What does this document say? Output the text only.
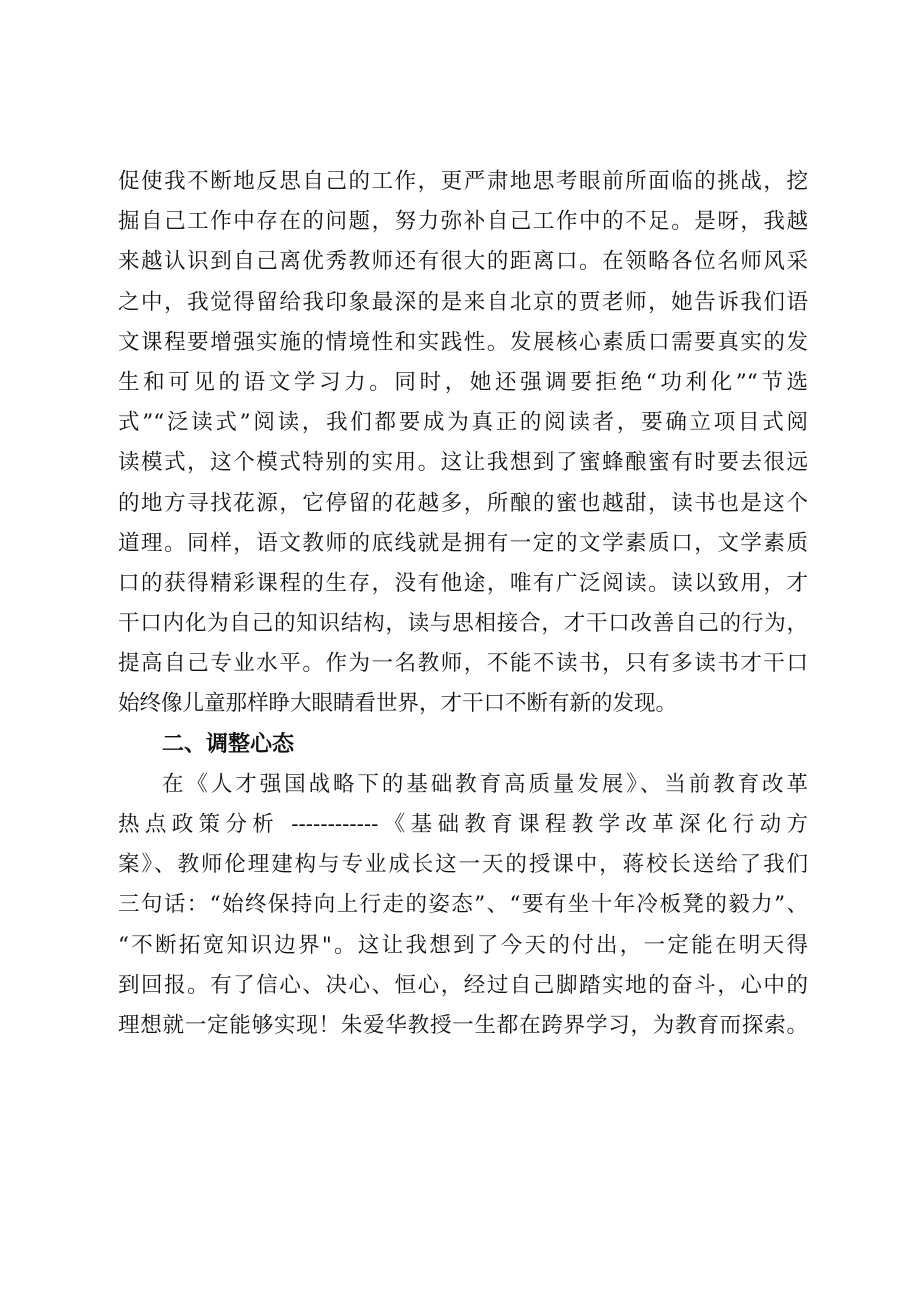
促使我不断地反思自己的工作，更严肃地思考眼前所面临的挑战，挖
掘自己工作中存在的问题，努力弥补自己工作中的不足。是呀，我越
来越认识到自己离优秀教师还有很大的距离口。在领略各位名师风采
之中，我觉得留给我印象最深的是来自北京的贾老师，她告诉我们语
文课程要增强实施的情境性和实践性。发展核心素质口需要真实的发
生和可见的语文学习力。同时，她还强调要拒绝“功利化”“节选
式”“泛读式”阅读，我们都要成为真正的阅读者，要确立项目式阅
读模式，这个模式特别的实用。这让我想到了蜜蜂酿蜜有时要去很远
的地方寻找花源，它停留的花越多，所酿的蜜也越甜，读书也是这个
道理。同样，语文教师的底线就是拥有一定的文学素质口，文学素质
口的获得精彩课程的生存，没有他途，唯有广泛阅读。读以致用，才
干口内化为自己的知识结构，读与思相接合，才干口改善自己的行为，
提高自己专业水平。作为一名教师，不能不读书，只有多读书才干口
始终像儿童那样睁大眼睛看世界，才干口不断有新的发现。
二、调整心态
在《人才强国战略下的基础教育高质量发展》、当前教育改革
热点政策分析 ------------《基础教育课程教学改革深化行动方
案》、教师伦理建构与专业成长这一天的授课中，蒋校长送给了我们
三句话：“始终保持向上行走的姿态”、“要有坐十年冷板凳的毅力”、
“不断拓宽知识边界"。这让我想到了今天的付出，一定能在明天得
到回报。有了信心、决心、恒心，经过自己脚踏实地的奋斗，心中的
理想就一定能够实现！朱爱华教授一生都在跨界学习，为教育而探索。
